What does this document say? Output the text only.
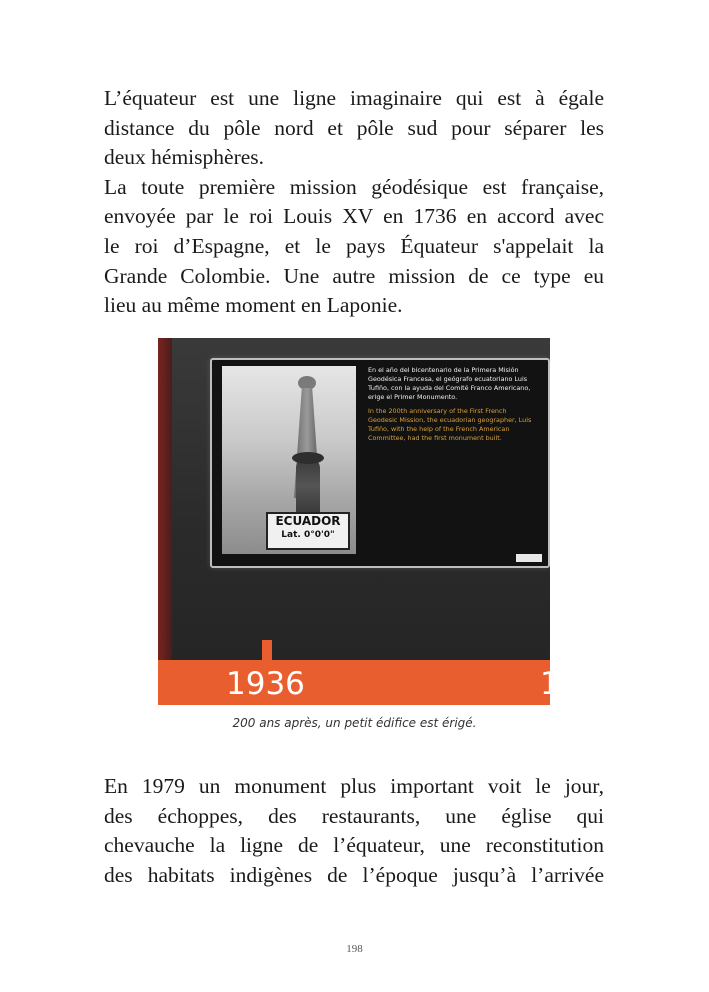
L’équateur est une ligne imaginaire qui est à égale
distance du pôle nord et pôle sud pour séparer les
deux hémisphères.
La toute première mission géodésique est française,
envoyée par le roi Louis XV en 1736 en accord avec
le roi d’Espagne, et le pays Équateur s'appelait la
Grande Colombie. Une autre mission de ce type eu
lieu au même moment en Laponie.
ECUADOR
Lat. 0°0'0"
En el año del bicentenario de la Primera Misión Geodésica Francesa, el geógrafo ecuatoriano Luis Tufiño, con la ayuda del Comité Franco Americano, erige el Primer Monumento.
In the 200th anniversary of the First French Geodesic Mission, the ecuadorian geographer, Luis Tufiño, with the help of the French American Committee, had the first monument built.
1936	1
200 ans après, un petit édifice est érigé.
En 1979 un monument plus important voit le jour,
des échoppes, des restaurants, une église qui
chevauche la ligne de l’équateur, une reconstitution
des habitats indigènes de l’époque jusqu’à l’arrivée
198
